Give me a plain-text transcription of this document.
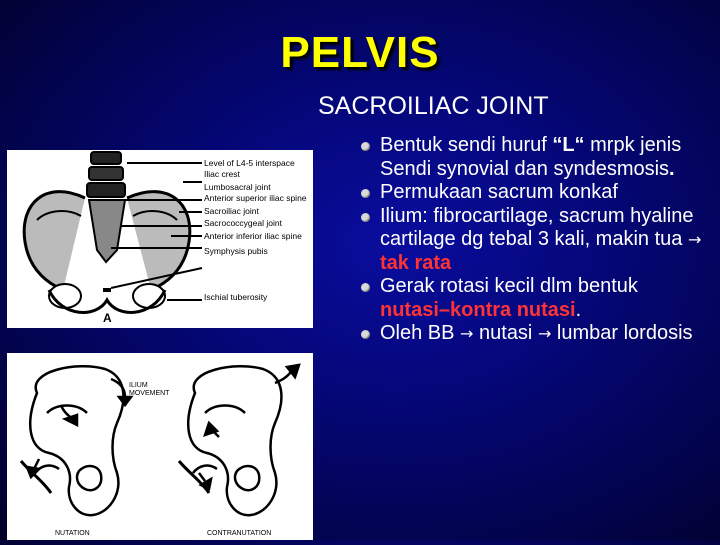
PELVIS
SACROILIAC JOINT
Level of L4-5 interspace
Iliac crest
Lumbosacral joint
Anterior superior iliac spine
Sacroiliac joint
Sacrococcygeal joint
Anterior inferior iliac spine
Symphysis pubis
Ischial tuberosity
A
ILIUM
MOVEMENT
NUTATION	CONTRANUTATION
Bentuk sendi huruf “L“ mrpk jenis Sendi synovial dan syndesmosis.
Permukaan sacrum konkaf
Ilium: fibrocartilage, sacrum hyaline cartilage dg tebal 3 kali, makin tua → tak rata
Gerak rotasi kecil dlm bentuk nutasi–kontra nutasi.
Oleh BB → nutasi → lumbar lordosis
